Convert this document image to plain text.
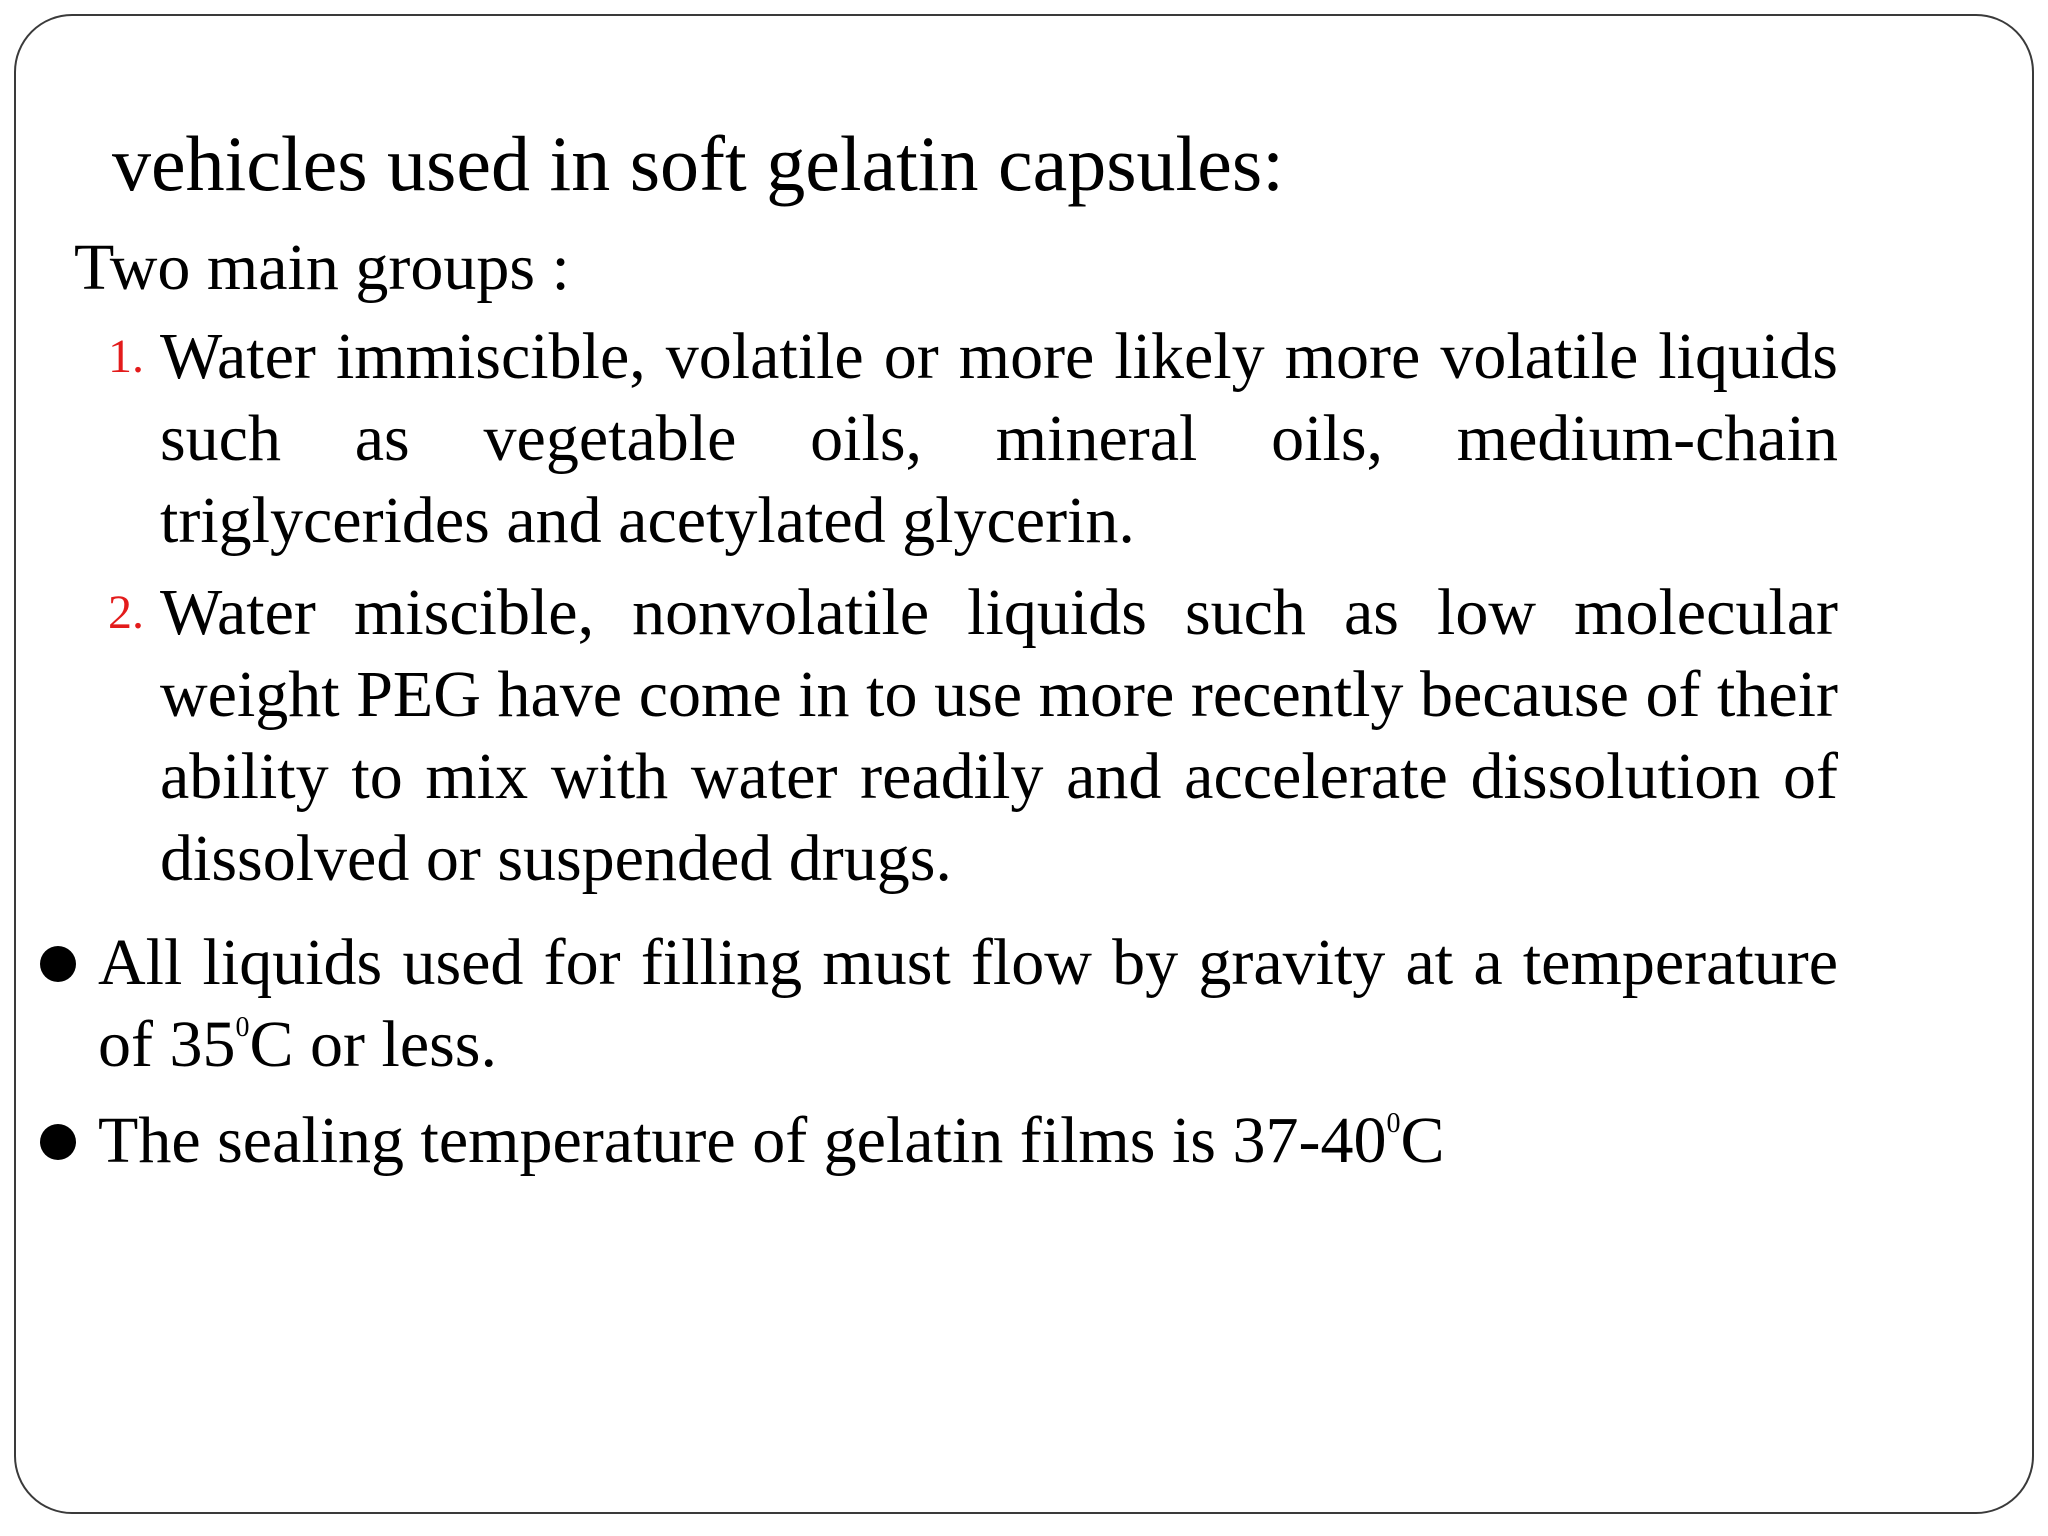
vehicles used in soft gelatin capsules:
Two main groups :
1. Water immiscible, volatile or more likely more volatile liquids such as vegetable oils, mineral oils, medium-chain triglycerides and acetylated glycerin.
2. Water miscible, nonvolatile liquids such as low molecular weight PEG have come in to use more recently because of their ability to mix with water readily and accelerate dissolution of dissolved or suspended drugs.
All liquids used for filling must flow by gravity at a temperature of $35^0C$ or less.
The sealing temperature of gelatin films is $37-40^0C$
